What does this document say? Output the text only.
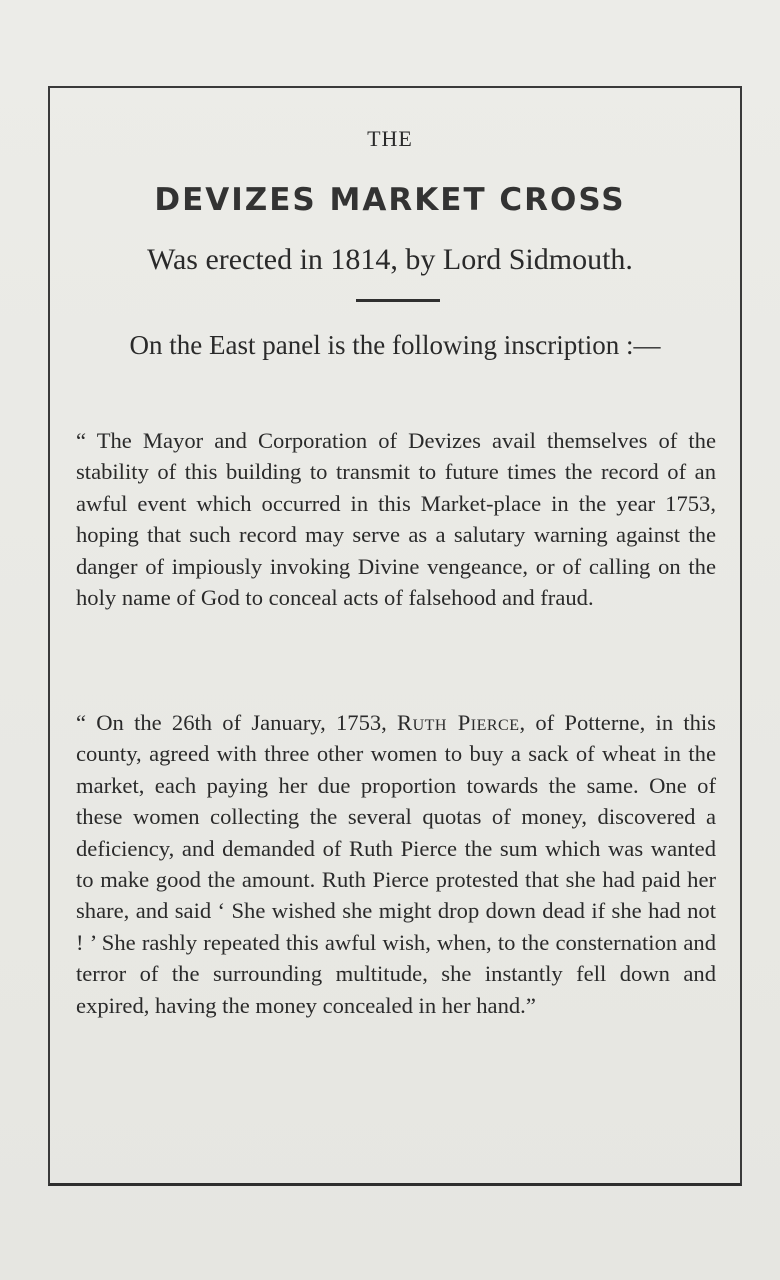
THE
DEVIZES MARKET CROSS
Was erected in 1814, by Lord Sidmouth.
On the East panel is the following inscription :—
“ The Mayor and Corporation of Devizes avail themselves of the stability of this building to transmit to future times the record of an awful event which occurred in this Market-place in the year 1753, hoping that such record may serve as a salutary warning against the danger of impiously invoking Divine vengeance, or of calling on the holy name of God to conceal acts of falsehood and fraud.
“ On the 26th of January, 1753, Ruth Pierce, of Potterne, in this county, agreed with three other women to buy a sack of wheat in the market, each paying her due proportion towards the same. One of these women collecting the several quotas of money, discovered a deficiency, and demanded of Ruth Pierce the sum which was wanted to make good the amount. Ruth Pierce protested that she had paid her share, and said ‘ She wished she might drop down dead if she had not ! ’ She rashly repeated this awful wish, when, to the consternation and terror of the surrounding multitude, she instantly fell down and expired, having the money concealed in her hand.”
